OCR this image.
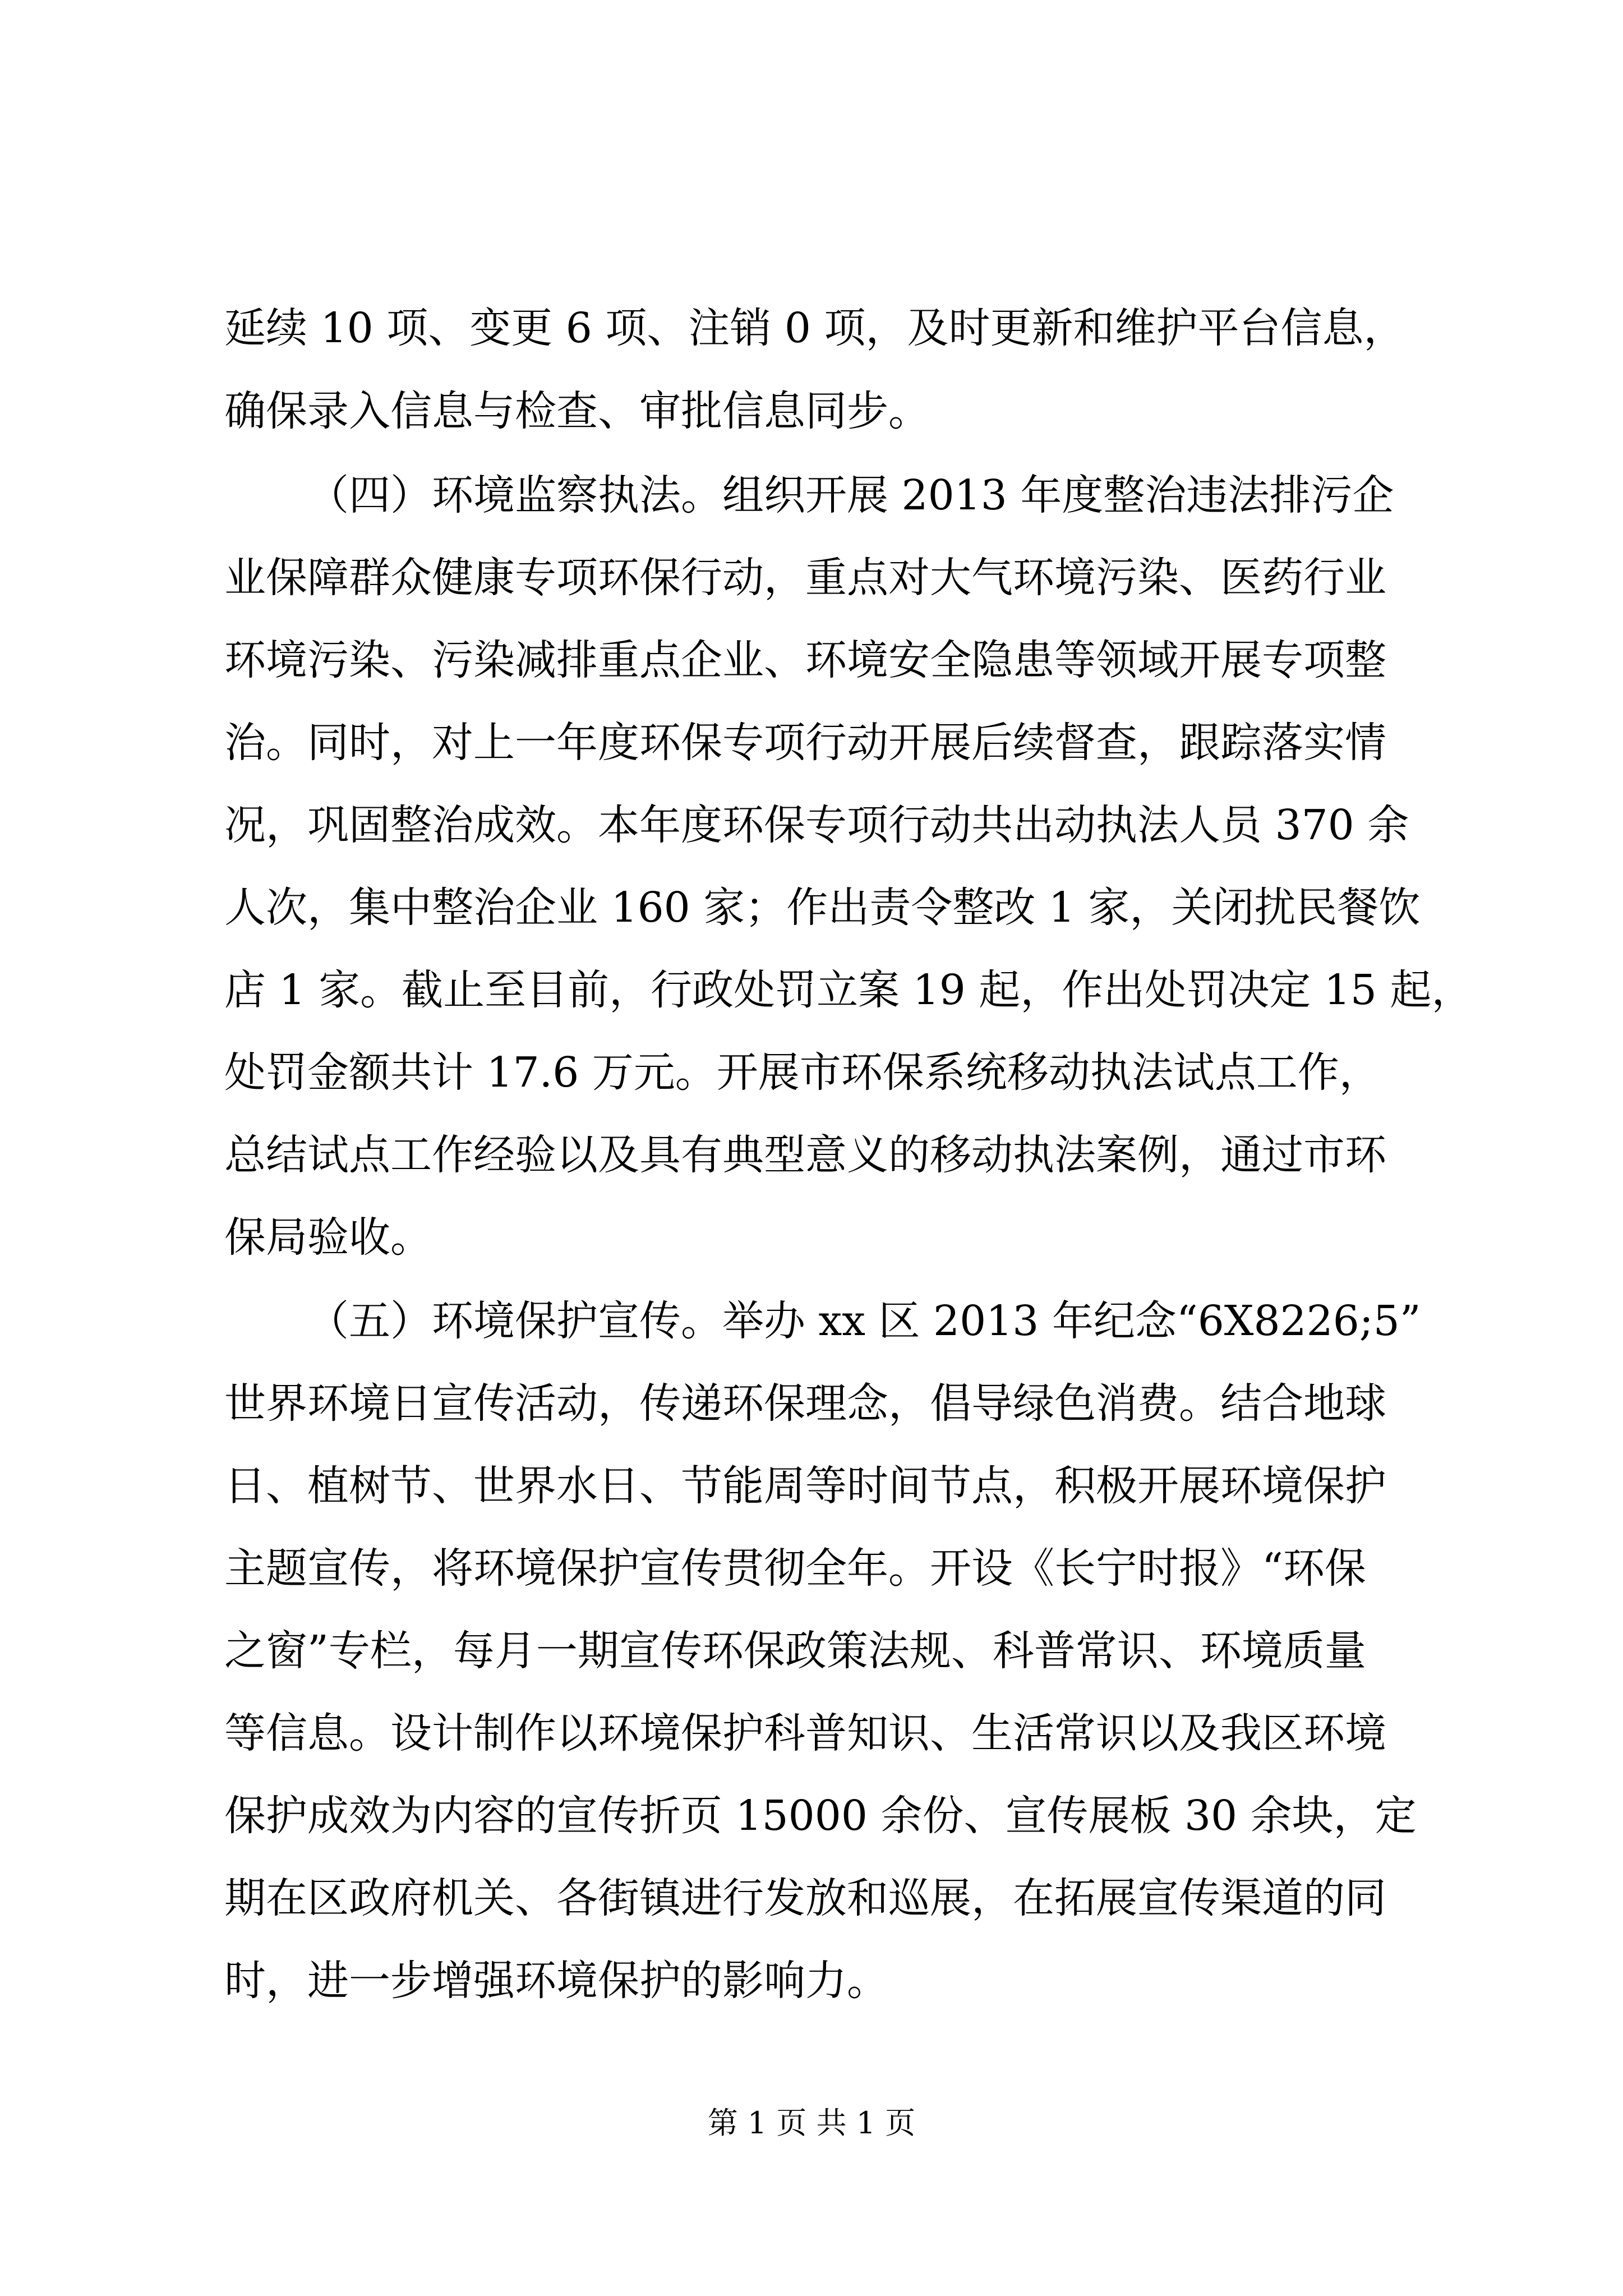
延续 10 项、变更 6 项、注销 0 项，及时更新和维护平台信息，
确保录入信息与检查、审批信息同步。
（四）环境监察执法。组织开展 2013 年度整治违法排污企
业保障群众健康专项环保行动，重点对大气环境污染、医药行业
环境污染、污染减排重点企业、环境安全隐患等领域开展专项整
治。同时，对上一年度环保专项行动开展后续督查，跟踪落实情
况，巩固整治成效。本年度环保专项行动共出动执法人员 370 余
人次，集中整治企业 160 家；作出责令整改 1 家，关闭扰民餐饮
店 1 家。截止至目前，行政处罚立案 19 起，作出处罚决定 15 起，
处罚金额共计 17.6 万元。开展市环保系统移动执法试点工作，
总结试点工作经验以及具有典型意义的移动执法案例，通过市环
保局验收。
（五）环境保护宣传。举办 xx 区 2013 年纪念“6X8226;5”
世界环境日宣传活动，传递环保理念，倡导绿色消费。结合地球
日、植树节、世界水日、节能周等时间节点，积极开展环境保护
主题宣传，将环境保护宣传贯彻全年。开设《长宁时报》“环保
之窗”专栏，每月一期宣传环保政策法规、科普常识、环境质量
等信息。设计制作以环境保护科普知识、生活常识以及我区环境
保护成效为内容的宣传折页 15000 余份、宣传展板 30 余块，定
期在区政府机关、各街镇进行发放和巡展，在拓展宣传渠道的同
时，进一步增强环境保护的影响力。
第 1 页 共 1 页
